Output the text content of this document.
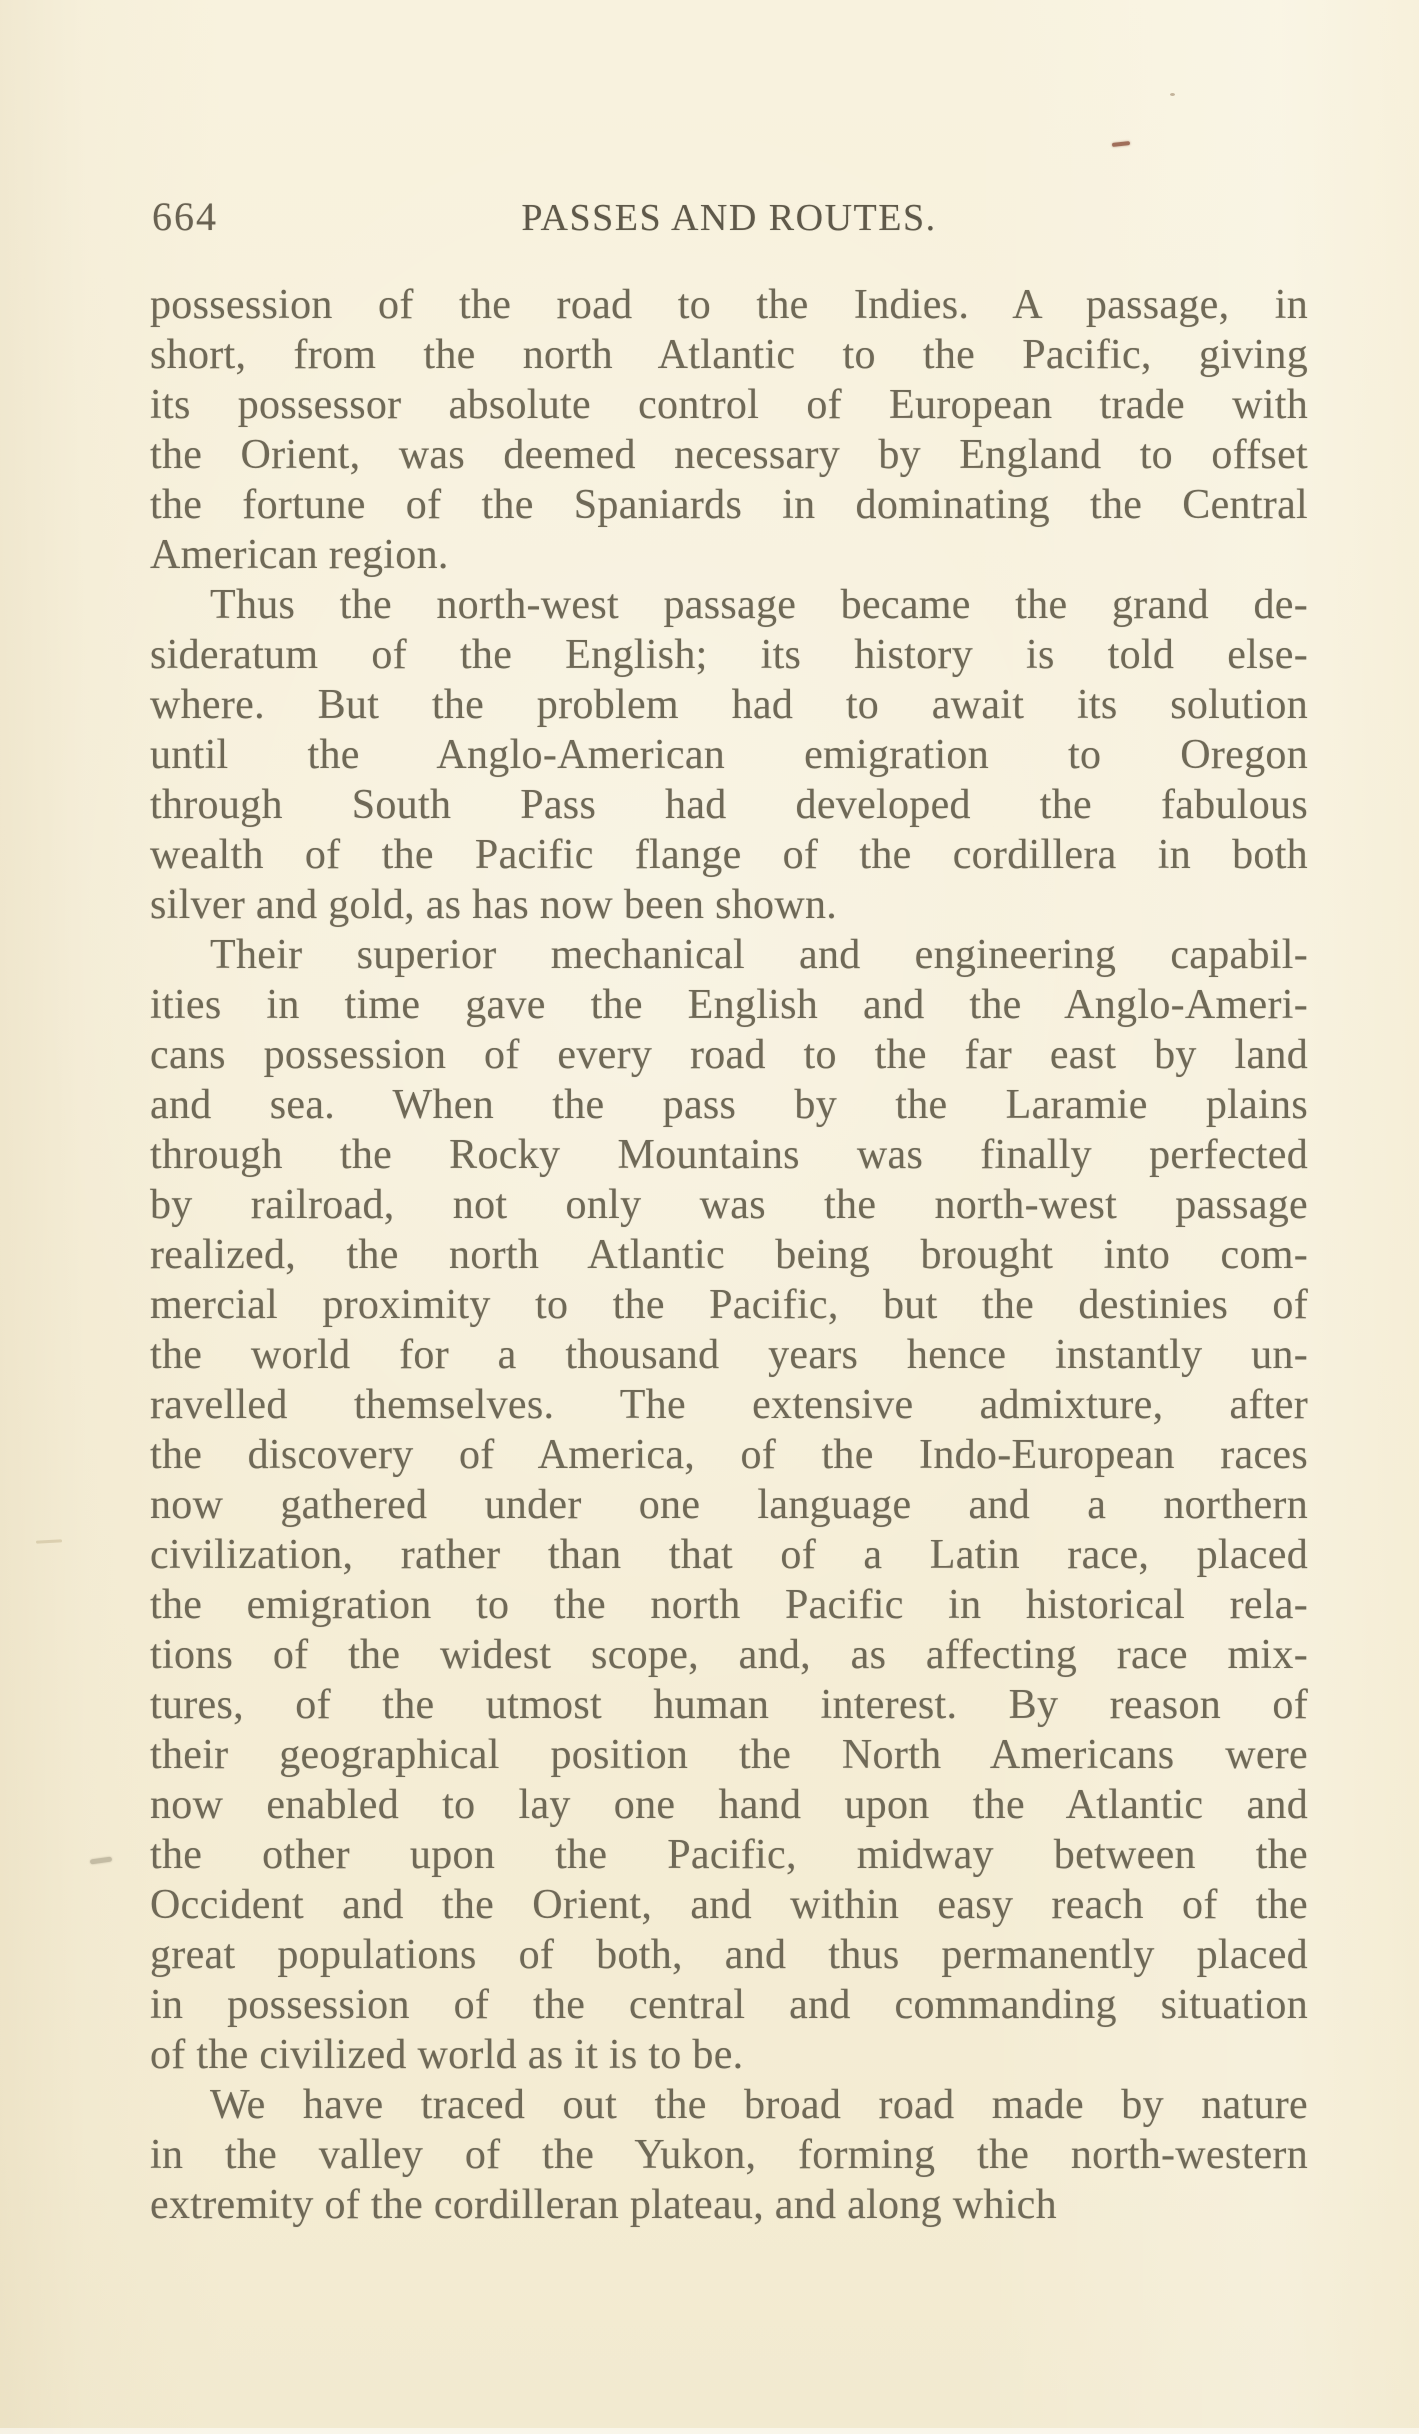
664	PASSES AND ROUTES.
possession of the road to the Indies. A passage, in
short, from the north Atlantic to the Pacific, giving
its possessor absolute control of European trade with
the Orient, was deemed necessary by England to offset
the fortune of the Spaniards in dominating the Central
American region.
Thus the north-west passage became the grand de-
sideratum of the English; its history is told else-
where. But the problem had to await its solution
until the Anglo-American emigration to Oregon
through South Pass had developed the fabulous
wealth of the Pacific flange of the cordillera in both
silver and gold, as has now been shown.
Their superior mechanical and engineering capabil-
ities in time gave the English and the Anglo-Ameri-
cans possession of every road to the far east by land
and sea. When the pass by the Laramie plains
through the Rocky Mountains was finally perfected
by railroad, not only was the north-west passage
realized, the north Atlantic being brought into com-
mercial proximity to the Pacific, but the destinies of
the world for a thousand years hence instantly un-
ravelled themselves. The extensive admixture, after
the discovery of America, of the Indo-European races
now gathered under one language and a northern
civilization, rather than that of a Latin race, placed
the emigration to the north Pacific in historical rela-
tions of the widest scope, and, as affecting race mix-
tures, of the utmost human interest. By reason of
their geographical position the North Americans were
now enabled to lay one hand upon the Atlantic and
the other upon the Pacific, midway between the
Occident and the Orient, and within easy reach of the
great populations of both, and thus permanently placed
in possession of the central and commanding situation
of the civilized world as it is to be.
We have traced out the broad road made by nature
in the valley of the Yukon, forming the north-western
extremity of the cordilleran plateau, and along which
